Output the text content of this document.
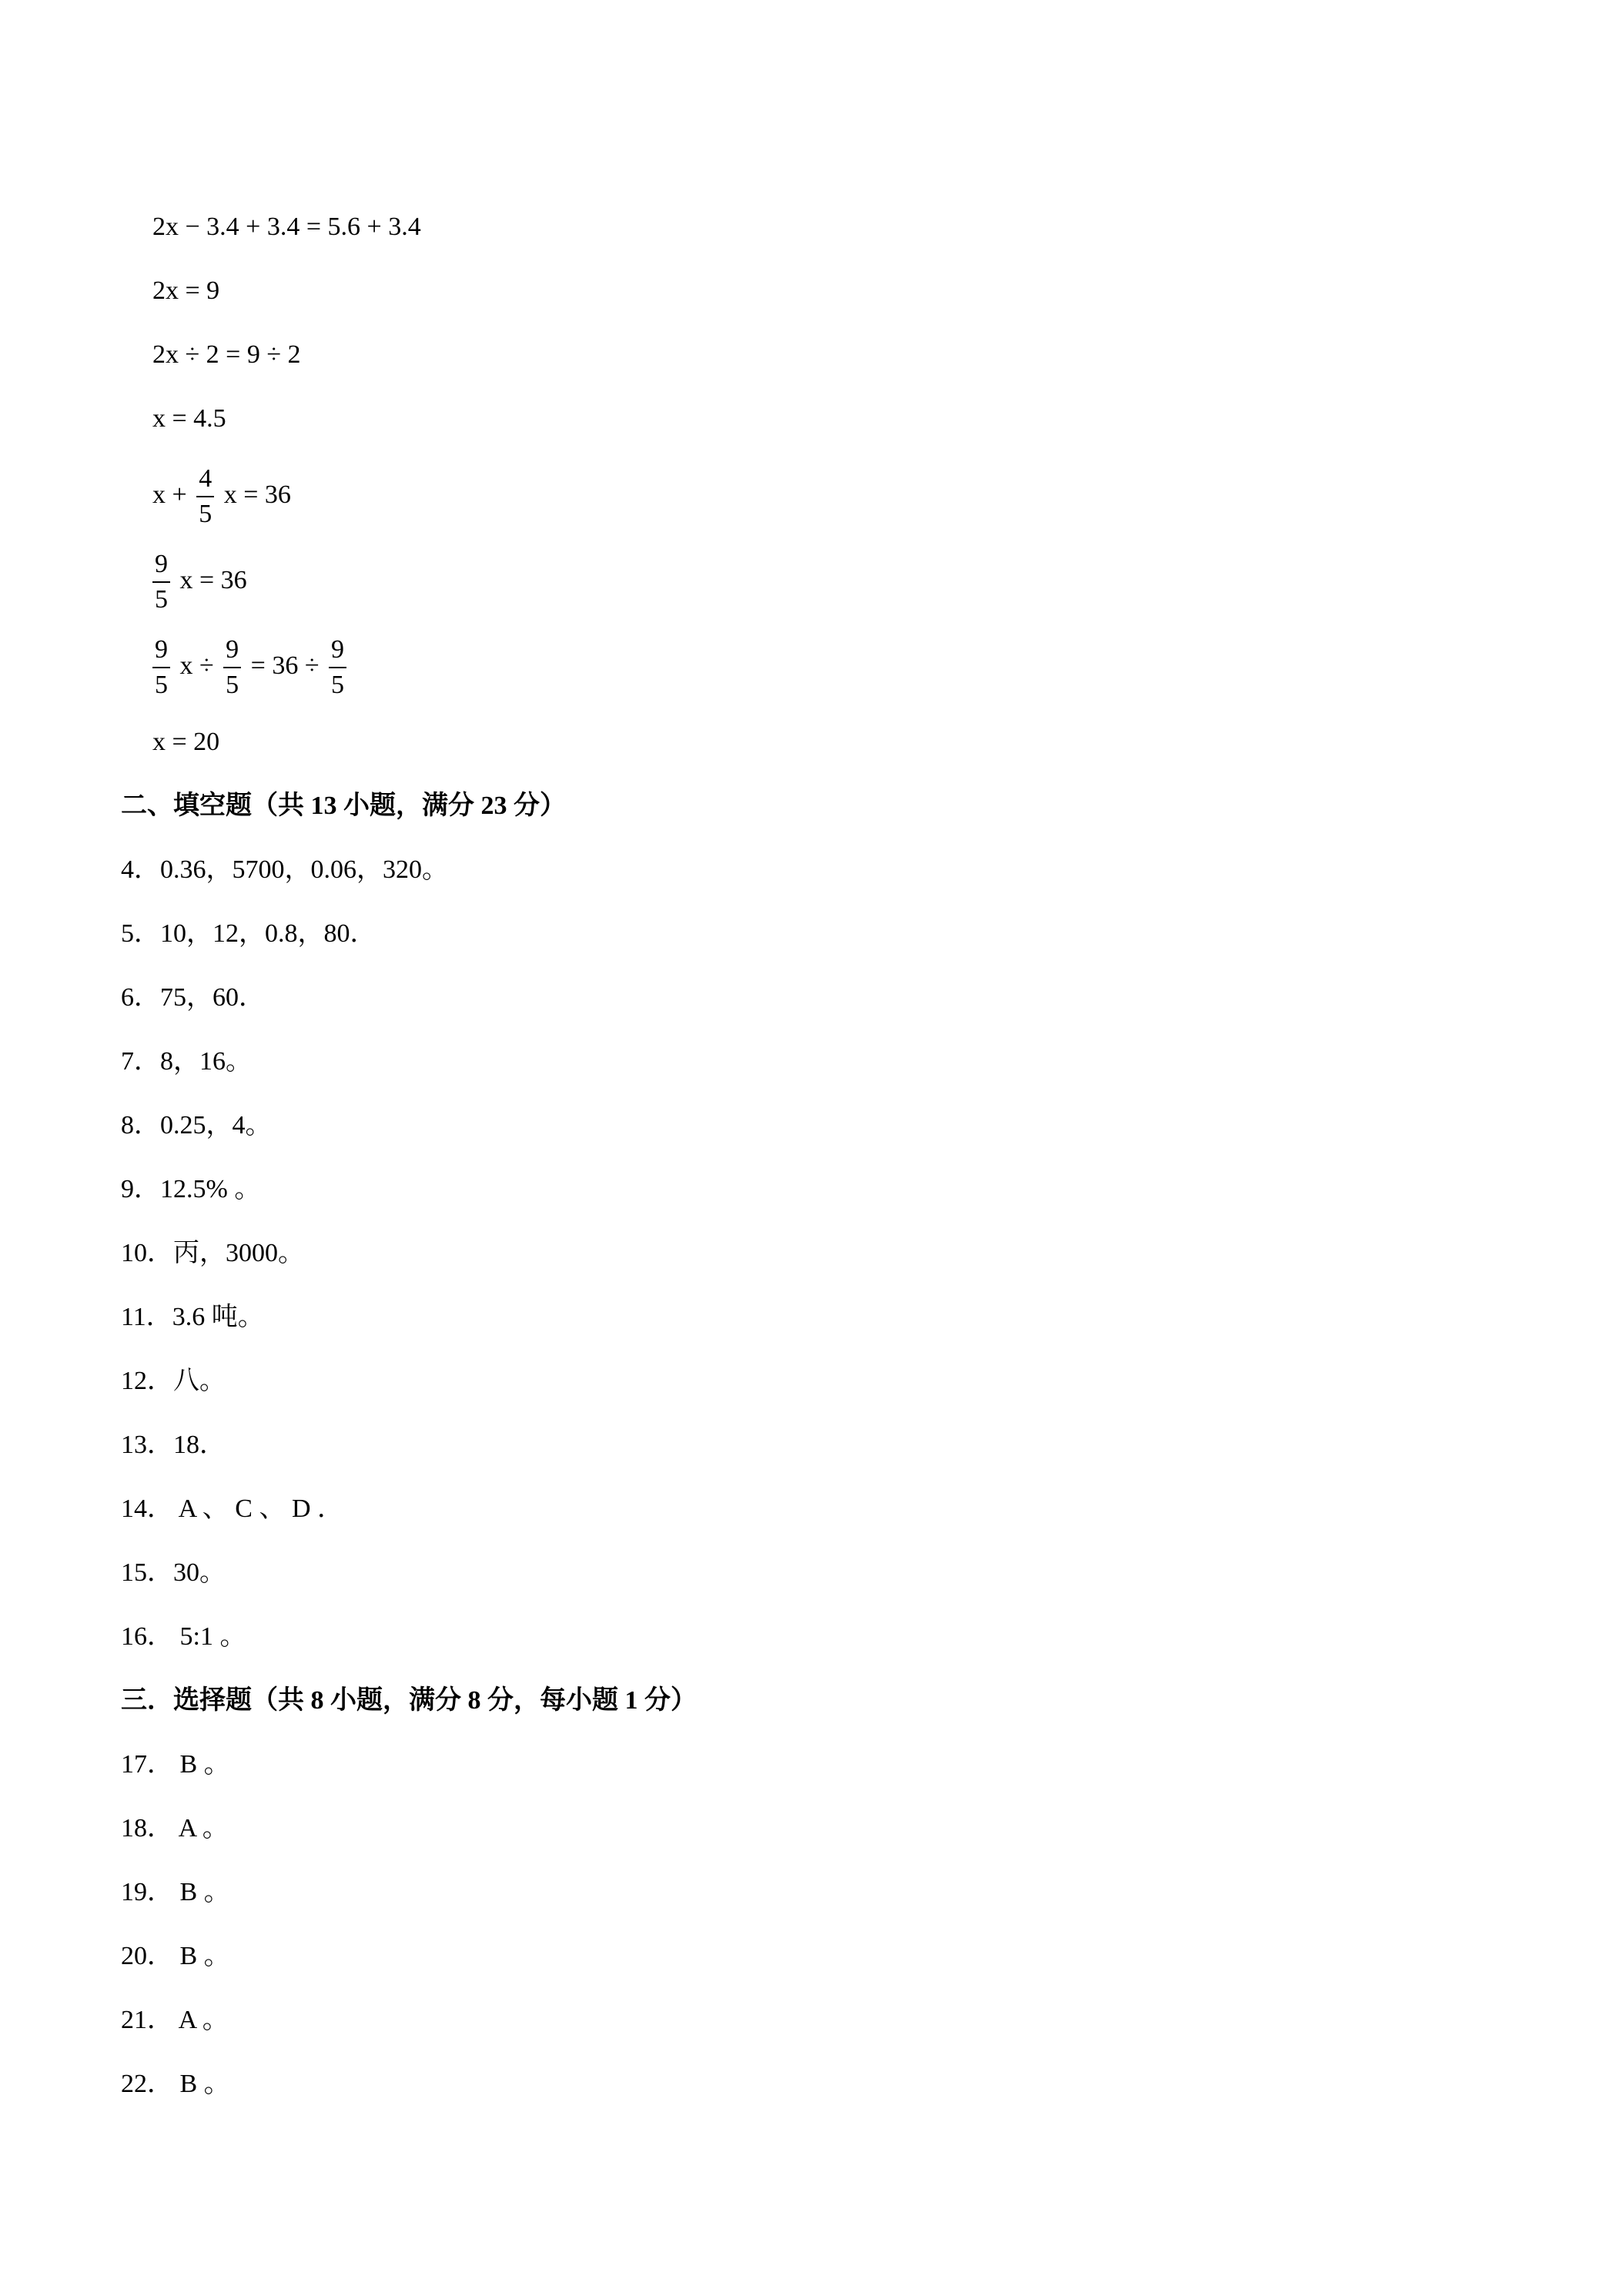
2x − 3.4 + 3.4 = 5.6 + 3.4
2x = 9
2x ÷ 2 = 9 ÷ 2
x = 4.5
$x + \frac{4}{5}$ x = 36
$\frac{9}{5}$ x = 36
$\frac{9}{5}$ $x \div \frac{9}{5} = 36 \div \frac{9}{5}$
x = 20
二、填空题（共 13 小题，满分 23 分）
4．0.36，5700，0.06，320。
5．10，12，0.8，80．
6．75，60．
7．8，16。
8．0.25，4。
9．12.5% 。
10．丙，3000。
11．3.6 吨。
12．八。
13．18．
14． A 、 C 、 D ．
15．30。
16． 5:1 。
三．选择题（共 8 小题，满分 8 分，每小题 1 分）
17． B 。
18． A 。
19． B 。
20． B 。
21． A 。
22． B 。
